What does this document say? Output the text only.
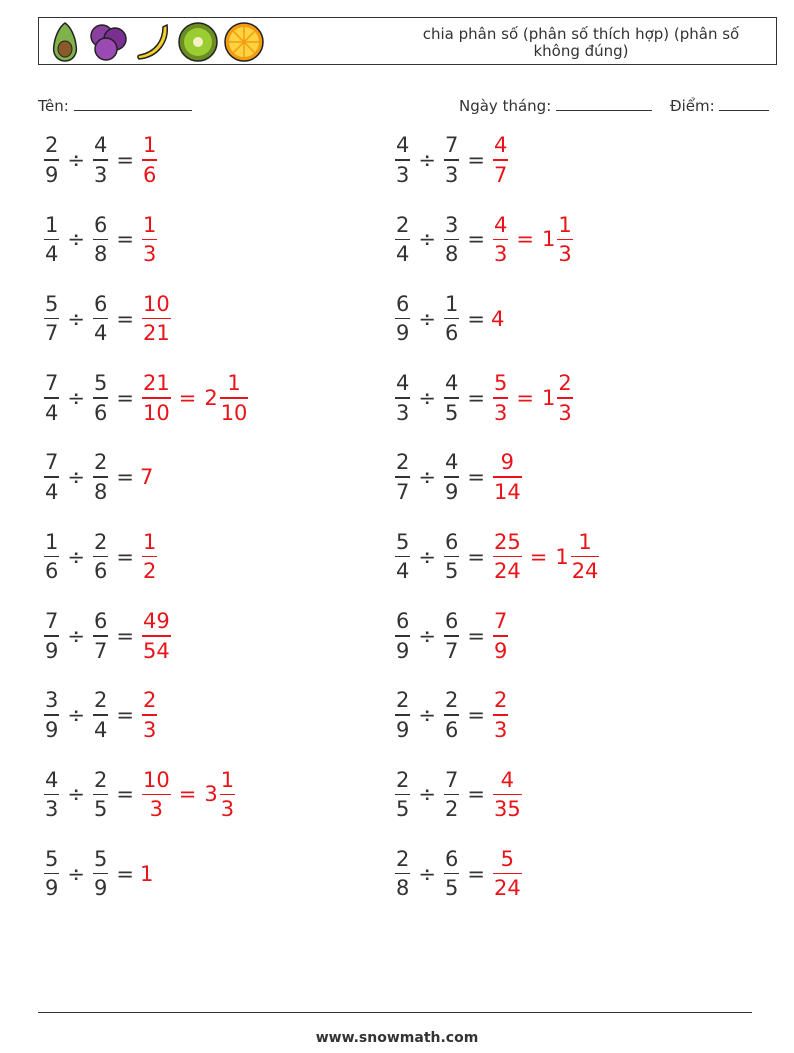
chia phân số (phân số thích hợp) (phân số không đúng)
Tên:	Ngày tháng:	Điểm:
$\frac{2}{9} \div \frac{4}{3} = \frac{1}{6}$
$\frac{1}{4} \div \frac{6}{8} = \frac{1}{3}$
$\frac{5}{7} \div \frac{6}{4} = \frac{10}{21}$
$\frac{7}{4} \div \frac{5}{6} = \frac{21}{10} = 2 \frac{1}{10}$
$\frac{7}{4} \div \frac{2}{8} = 7$
$\frac{1}{6} \div \frac{2}{6} = \frac{1}{2}$
$\frac{7}{9} \div \frac{6}{7} = \frac{49}{54}$
$\frac{3}{9} \div \frac{2}{4} = \frac{2}{3}$
$\frac{4}{3} \div \frac{2}{5} = \frac{10}{3} = 3 \frac{1}{3}$
$\frac{5}{9} \div \frac{5}{9} = 1$
$\frac{4}{3} \div \frac{7}{3} = \frac{4}{7}$
$\frac{2}{4} \div \frac{3}{8} = \frac{4}{3} = 1 \frac{1}{3}$
$\frac{6}{9} \div \frac{1}{6} = 4$
$\frac{4}{3} \div \frac{4}{5} = \frac{5}{3} = 1 \frac{2}{3}$
$\frac{2}{7} \div \frac{4}{9} = \frac{9}{14}$
$\frac{5}{4} \div \frac{6}{5} = \frac{25}{24} = 1 \frac{1}{24}$
$\frac{6}{9} \div \frac{6}{7} = \frac{7}{9}$
$\frac{2}{9} \div \frac{2}{6} = \frac{2}{3}$
$\frac{2}{5} \div \frac{7}{2} = \frac{4}{35}$
$\frac{2}{8} \div \frac{6}{5} = \frac{5}{24}$
www.snowmath.com
